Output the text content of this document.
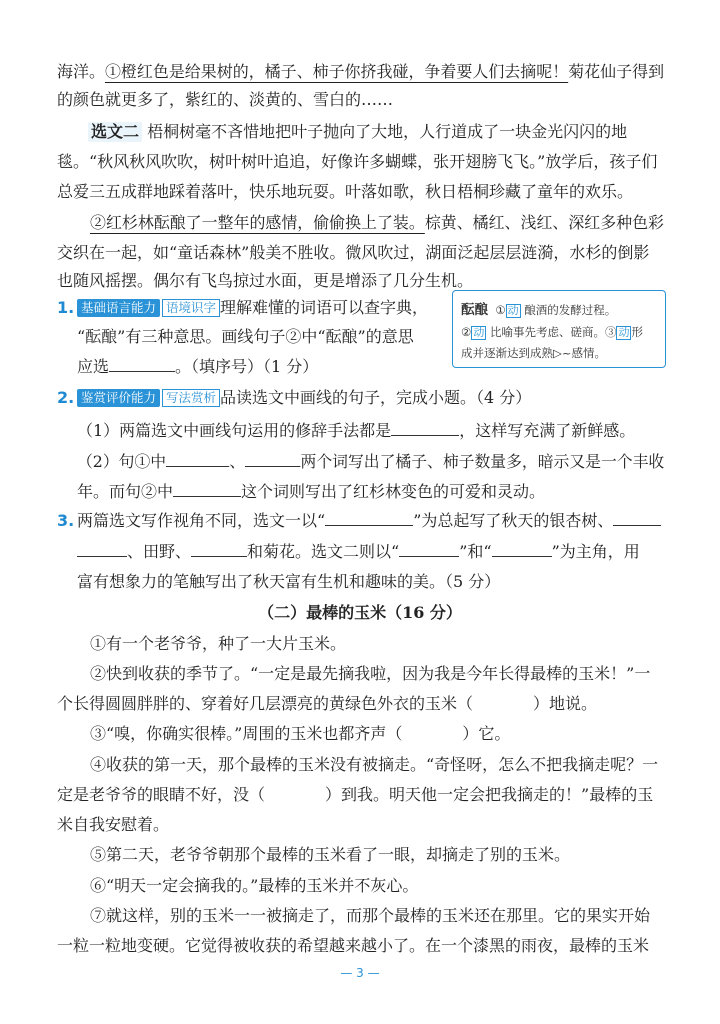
海洋。①橙红色是给果树的，橘子、柿子你挤我碰，争着要人们去摘呢！菊花仙子得到
的颜色就更多了，紫红的、淡黄的、雪白的……
选文二 梧桐树毫不吝惜地把叶子抛向了大地，人行道成了一块金光闪闪的地
毯。“秋风秋风吹吹，树叶树叶追追，好像许多蝴蝶，张开翅膀飞飞。”放学后，孩子们
总爱三五成群地踩着落叶，快乐地玩耍。叶落如歌，秋日梧桐珍藏了童年的欢乐。
②红杉林酝酿了一整年的感情，偷偷换上了装。棕黄、橘红、浅红、深红多种色彩
交织在一起，如“童话森林”般美不胜收。微风吹过，湖面泛起层层涟漪，水杉的倒影
也随风摇摆。偶尔有飞鸟掠过水面，更是增添了几分生机。
1. 基础语言能力 语境识字 理解难懂的词语可以查字典，
“酝酿”有三种意思。画线句子②中“酝酿”的意思
应选	。（填序号）（1 分）
酝酿 ① 动 酿酒的发酵过程。
② 动 比喻事先考虑、磋商。③ 动 形
成并逐渐达到成熟▷~感情。
2. 鉴赏评价能力 写法赏析 品读选文中画线的句子，完成小题。（4 分）
（1）两篇选文中画线句运用的修辞手法都是	，这样写充满了新鲜感。
（2）句①中	、	两个词写出了橘子、柿子数量多，暗示又是一个丰收
年。而句②中	这个词则写出了红杉林变色的可爱和灵动。
3. 两篇选文写作视角不同，选文一以“	”为总起写了秋天的银杏树、
、田野、	和菊花。选文二则以“	”和“	”为主角，用
富有想象力的笔触写出了秋天富有生机和趣味的美。（5 分）
（二）最棒的玉米（16 分）
①有一个老爷爷，种了一大片玉米。
②快到收获的季节了。“一定是最先摘我啦，因为我是今年长得最棒的玉米！”一
个长得圆圆胖胖的、穿着好几层漂亮的黄绿色外衣的玉米（	）地说。
③“嗅，你确实很棒。”周围的玉米也都齐声（	）它。
④收获的第一天，那个最棒的玉米没有被摘走。“奇怪呀，怎么不把我摘走呢？一
定是老爷爷的眼睛不好，没（	）到我。明天他一定会把我摘走的！”最棒的玉
米自我安慰着。
⑤第二天，老爷爷朝那个最棒的玉米看了一眼，却摘走了别的玉米。
⑥“明天一定会摘我的。”最棒的玉米并不灰心。
⑦就这样，别的玉米一一被摘走了，而那个最棒的玉米还在那里。它的果实开始
一粒一粒地变硬。它觉得被收获的希望越来越小了。在一个漆黑的雨夜，最棒的玉米
— 3 —
